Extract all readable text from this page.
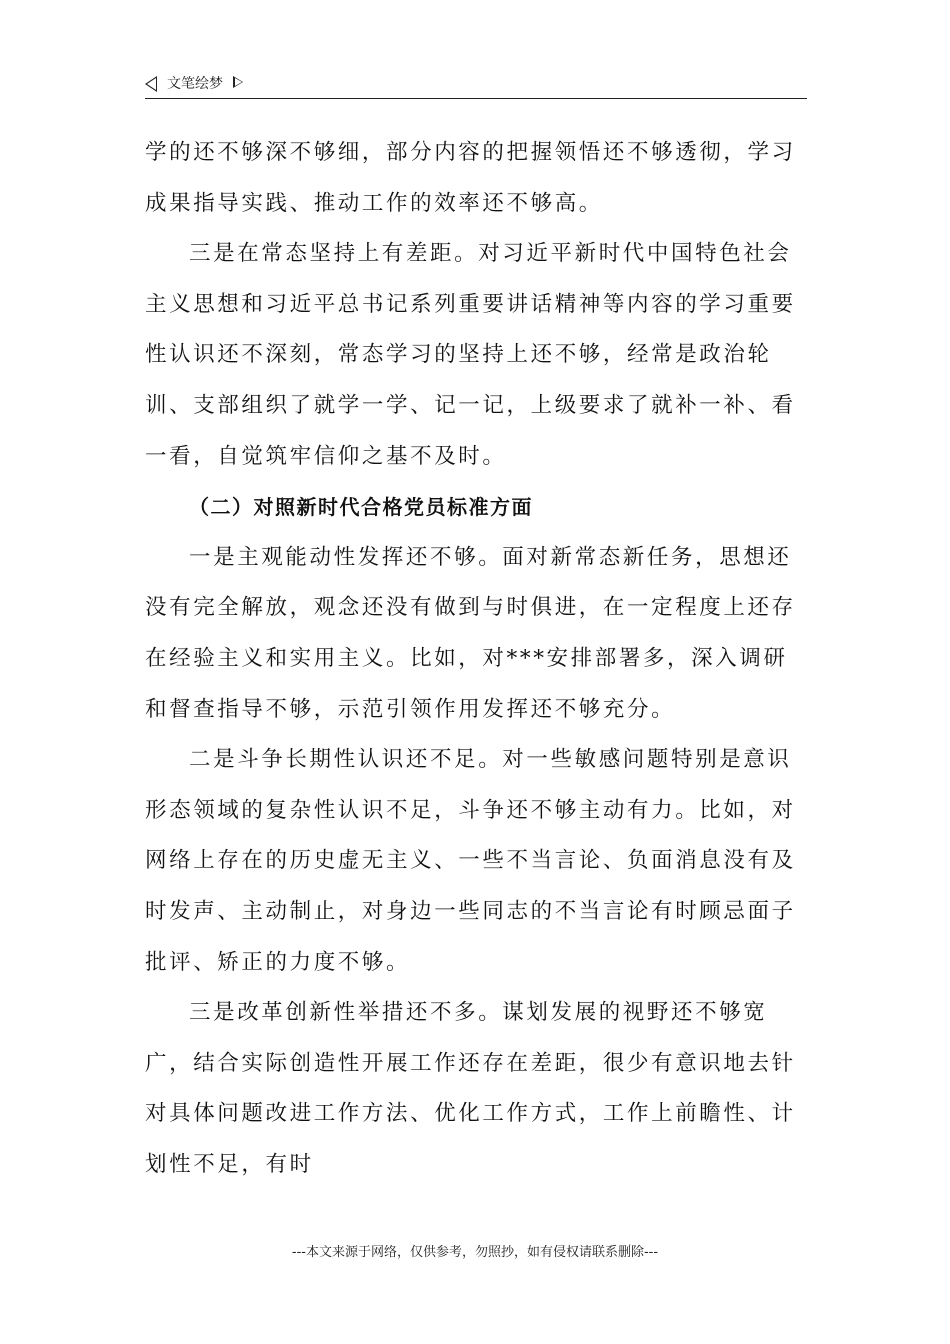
文笔绘梦

学的还不够深不够细，部分内容的把握领悟还不够透彻，学习成果指导实践、推动工作的效率还不够高。

三是在常态坚持上有差距。对习近平新时代中国特色社会主义思想和习近平总书记系列重要讲话精神等内容的学习重要性认识还不深刻，常态学习的坚持上还不够，经常是政治轮训、支部组织了就学一学、记一记，上级要求了就补一补、看一看，自觉筑牢信仰之基不及时。

（二）对照新时代合格党员标准方面

一是主观能动性发挥还不够。面对新常态新任务，思想还没有完全解放，观念还没有做到与时俱进，在一定程度上还存在经验主义和实用主义。比如，对***安排部署多，深入调研和督查指导不够，示范引领作用发挥还不够充分。

二是斗争长期性认识还不足。对一些敏感问题特别是意识形态领域的复杂性认识不足，斗争还不够主动有力。比如，对网络上存在的历史虚无主义、一些不当言论、负面消息没有及时发声、主动制止，对身边一些同志的不当言论有时顾忌面子批评、矫正的力度不够。

三是改革创新性举措还不多。谋划发展的视野还不够宽广，结合实际创造性开展工作还存在差距，很少有意识地去针对具体问题改进工作方法、优化工作方式，工作上前瞻性、计划性不足，有时

---本文来源于网络，仅供参考，勿照抄，如有侵权请联系删除---
